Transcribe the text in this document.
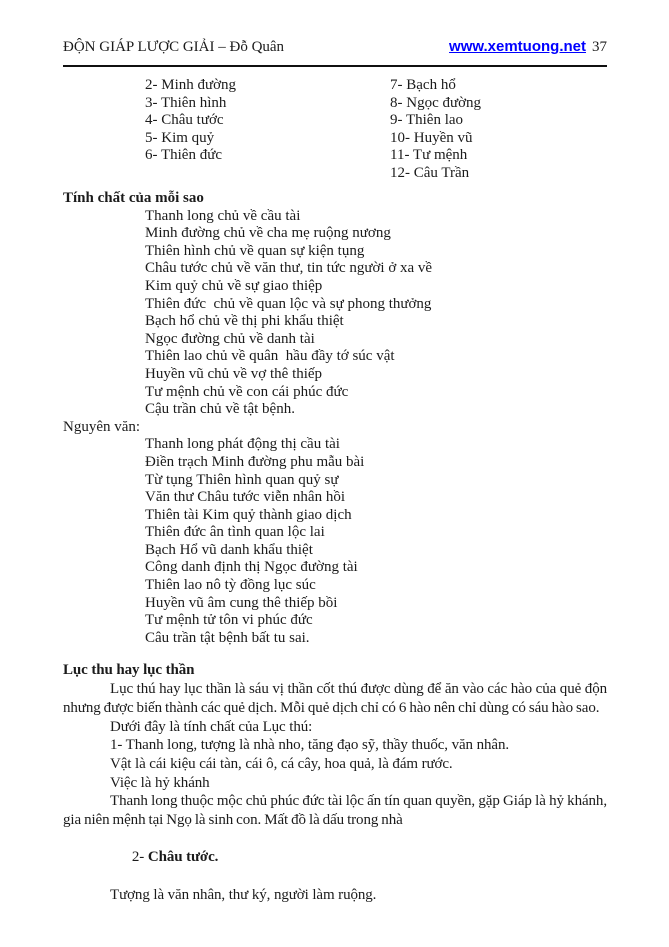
ĐỘN GIÁP LƯỢC GIẢI – Đỗ Quân	www.xemtuong.net 37
2- Minh đường
3- Thiên hình
4- Châu tước
5- Kim quỷ
6- Thiên đức
7- Bạch hổ
8- Ngọc đường
9- Thiên lao
10- Huyền vũ
11- Tư mệnh
12- Câu Trần
Tính chất của mỗi sao
Thanh long chủ về cầu tài
Minh đường chủ về cha mẹ ruộng nương
Thiên hình chủ về quan sự kiện tụng
Châu tước chủ về văn thư, tin tức người ở xa về
Kim quỷ chủ về sự giao thiệp
Thiên đức  chủ về quan lộc và sự phong thưởng
Bạch hổ chủ về thị phi khẩu thiệt
Ngọc đường chủ về danh tài
Thiên lao chủ về quân  hầu đầy tớ súc vật
Huyền vũ chủ về vợ thê thiếp
Tư mệnh chủ về con cái phúc đức
Cậu trần chủ về tật bệnh.
Nguyên văn:
Thanh long phát động thị cầu tài
Điền trạch Minh đường phu mẫu bài
Từ tụng Thiên hình quan quỷ sự
Văn thư Châu tước viễn nhân hồi
Thiên tài Kim quỷ thành giao dịch
Thiên đức ân tình quan lộc lai
Bạch Hổ vũ danh khẩu thiệt
Công danh định thị Ngọc đường tài
Thiên lao nô tỳ đồng lục súc
Huyền vũ âm cung thê thiếp bồi
Tư mệnh tử tôn vi phúc đức
Câu trần tật bệnh bất tu sai.
Lục thu hay lục thần

Lục thú hay lục thần là sáu vị thần cốt thú được dùng để ăn vào các hào của quẻ độn nhưng được biến thành các quẻ dịch. Mỗi quẻ dịch chỉ có 6 hào nên chỉ dùng có sáu hào sao.

Dưới đây là tính chất của Lục thú:
1- Thanh long, tượng là nhà nho, tăng đạo sỹ, thầy thuốc, văn nhân.
Vật là cái kiệu cái tàn, cái ô, cá cây, hoa quả, là đám rước.
Việc là hỷ khánh

Thanh long thuộc mộc chủ phúc đức tài lộc ấn tín quan quyền, gặp Giáp là hỷ khánh, gia niên mệnh tại Ngọ là sinh con. Mất đồ là dấu trong nhà

2- Châu tước.

Tượng là văn nhân, thư ký, người làm ruộng.
